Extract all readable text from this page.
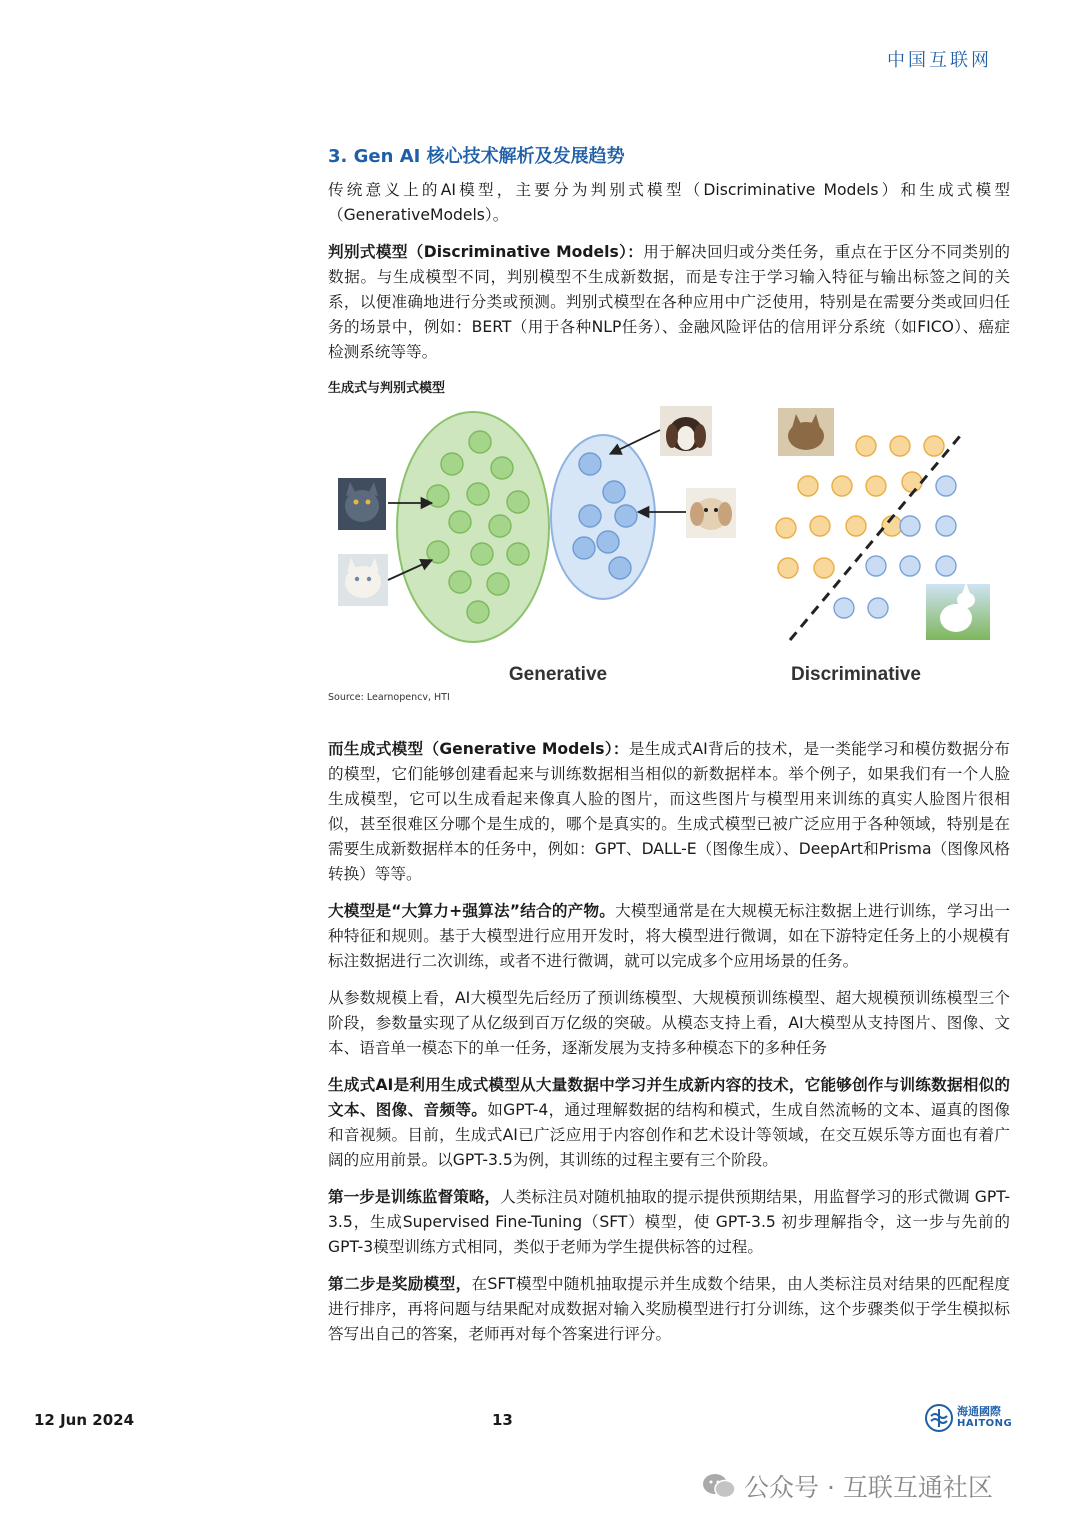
中国互联网
3. Gen AI 核心技术解析及发展趋势

传统意义上的AI模型，主要分为判别式模型（Discriminative Models）和生成式模型（GenerativeModels）。

判别式模型（Discriminative Models）：用于解决回归或分类任务，重点在于区分不同类别的数据。与生成模型不同，判别模型不生成新数据，而是专注于学习输入特征与输出标签之间的关系，以便准确地进行分类或预测。判别式模型在各种应用中广泛使用，特别是在需要分类或回归任务的场景中，例如：BERT（用于各种NLP任务）、金融风险评估的信用评分系统（如FICO）、癌症检测系统等等。

生成式与判别式模型
Generative	Discriminative
Source: Learnopencv, HTI

而生成式模型（Generative Models）：是生成式AI背后的技术，是一类能学习和模仿数据分布的模型，它们能够创建看起来与训练数据相当相似的新数据样本。举个例子，如果我们有一个人脸生成模型，它可以生成看起来像真人脸的图片，而这些图片与模型用来训练的真实人脸图片很相似，甚至很难区分哪个是生成的，哪个是真实的。生成式模型已被广泛应用于各种领域，特别是在需要生成新数据样本的任务中，例如：GPT、DALL-E（图像生成）、DeepArt和Prisma（图像风格转换）等等。

大模型是“大算力+强算法”结合的产物。大模型通常是在大规模无标注数据上进行训练，学习出一种特征和规则。基于大模型进行应用开发时，将大模型进行微调，如在下游特定任务上的小规模有标注数据进行二次训练，或者不进行微调，就可以完成多个应用场景的任务。

从参数规模上看，AI大模型先后经历了预训练模型、大规模预训练模型、超大规模预训练模型三个阶段，参数量实现了从亿级到百万亿级的突破。从模态支持上看，AI大模型从支持图片、图像、文本、语音单一模态下的单一任务，逐渐发展为支持多种模态下的多种任务

生成式AI是利用生成式模型从大量数据中学习并生成新内容的技术，它能够创作与训练数据相似的文本、图像、音频等。如GPT-4，通过理解数据的结构和模式，生成自然流畅的文本、逼真的图像和音视频。目前，生成式AI已广泛应用于内容创作和艺术设计等领域，在交互娱乐等方面也有着广阔的应用前景。以GPT-3.5为例，其训练的过程主要有三个阶段。

第一步是训练监督策略，人类标注员对随机抽取的提示提供预期结果，用监督学习的形式微调 GPT-3.5，生成Supervised Fine-Tuning（SFT）模型，使 GPT-3.5 初步理解指令，这一步与先前的GPT-3模型训练方式相同，类似于老师为学生提供标答的过程。

第二步是奖励模型，在SFT模型中随机抽取提示并生成数个结果，由人类标注员对结果的匹配程度进行排序，再将问题与结果配对成数据对输入奖励模型进行打分训练，这个步骤类似于学生模拟标答写出自己的答案，老师再对每个答案进行评分。

12 Jun 2024	13	海通國際
HAITONG
公众号 · 互联互通社区
